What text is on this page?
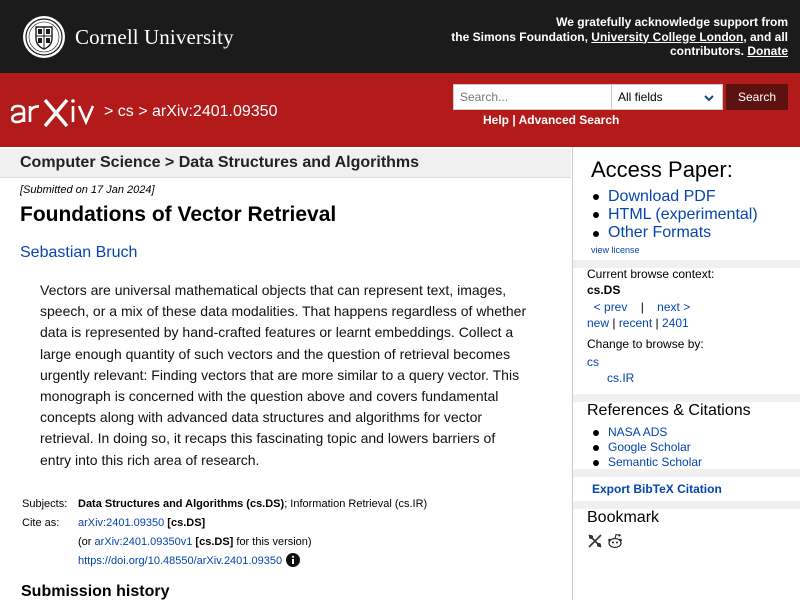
Cornell University
We gratefully acknowledge support from
the Simons Foundation, University College London, and all
contributors. Donate
> cs > arXiv:2401.09350
Search...
All fields	Search
Help | Advanced Search
Computer Science > Data Structures and Algorithms
[Submitted on 17 Jan 2024]
Foundations of Vector Retrieval
Sebastian Bruch
Vectors are universal mathematical objects that can represent text, images, speech, or a mix of these data modalities. That happens regardless of whether data is represented by hand-crafted features or learnt embeddings. Collect a large enough quantity of such vectors and the question of retrieval becomes urgently relevant: Finding vectors that are more similar to a query vector. This monograph is concerned with the question above and covers fundamental concepts along with advanced data structures and algorithms for vector retrieval. In doing so, it recaps this fascinating topic and lowers barriers of entry into this rich area of research.
Subjects: Data Structures and Algorithms (cs.DS); Information Retrieval (cs.IR)
Cite as:	arXiv:2401.09350 [cs.DS]
(or arXiv:2401.09350v1 [cs.DS] for this version)
https://doi.org/10.48550/arXiv.2401.09350
Submission history
Access Paper:
Download PDF
HTML (experimental)
Other Formats
view license
Current browse context:
cs.DS
< prev | next >
new | recent | 2401
Change to browse by:
cs
cs.IR
References & Citations
NASA ADS
Google Scholar
Semantic Scholar
Export BibTeX Citation
Bookmark
